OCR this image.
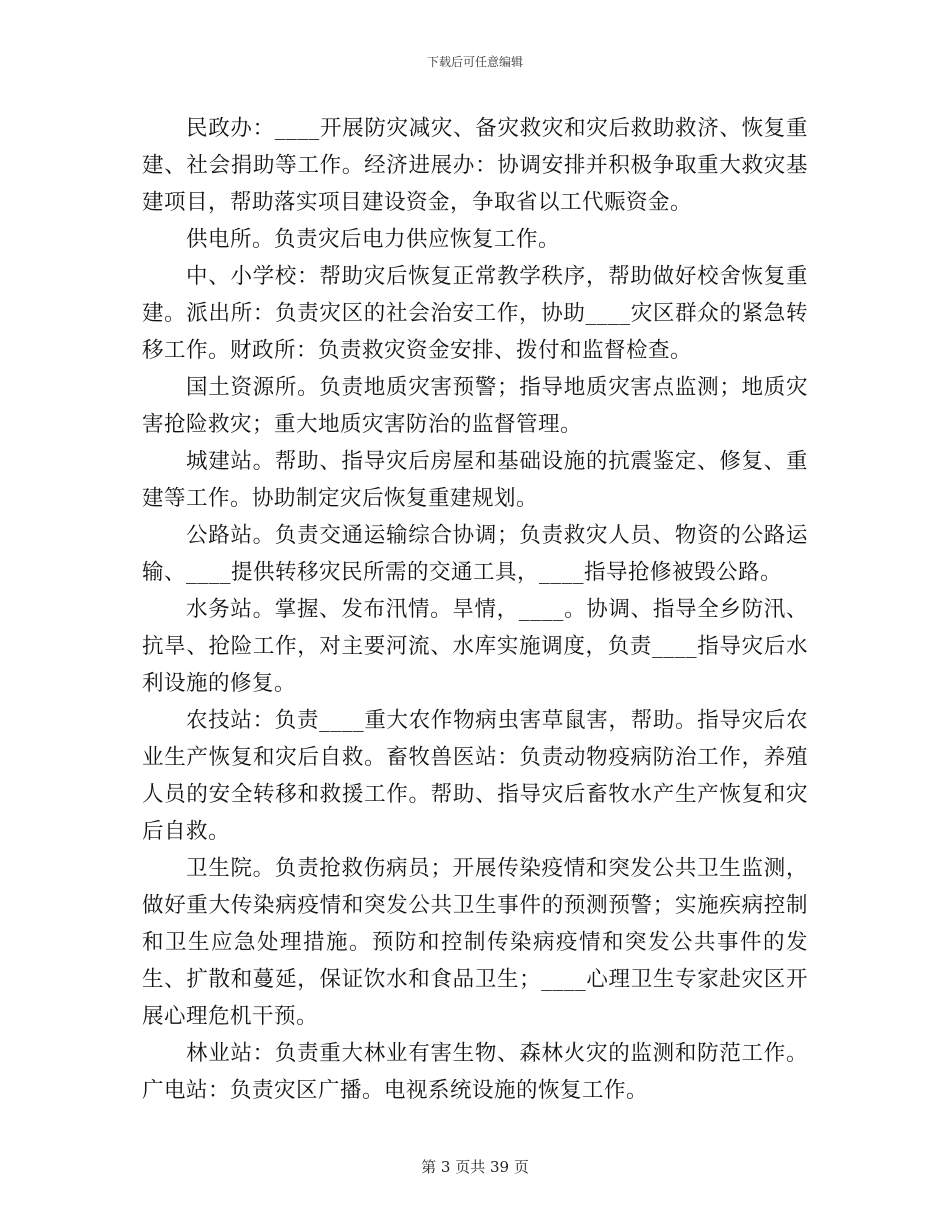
下载后可任意编辑

民政办：____开展防灾减灾、备灾救灾和灾后救助救济、恢复重建、社会捐助等工作。经济进展办：协调安排并积极争取重大救灾基建项目，帮助落实项目建设资金，争取省以工代赈资金。

供电所。负责灾后电力供应恢复工作。

中、小学校：帮助灾后恢复正常教学秩序，帮助做好校舍恢复重建。派出所：负责灾区的社会治安工作，协助____灾区群众的紧急转移工作。财政所：负责救灾资金安排、拨付和监督检查。

国土资源所。负责地质灾害预警；指导地质灾害点监测；地质灾害抢险救灾；重大地质灾害防治的监督管理。

城建站。帮助、指导灾后房屋和基础设施的抗震鉴定、修复、重建等工作。协助制定灾后恢复重建规划。

公路站。负责交通运输综合协调；负责救灾人员、物资的公路运输、____提供转移灾民所需的交通工具，____指导抢修被毁公路。

水务站。掌握、发布汛情。旱情，____。协调、指导全乡防汛、抗旱、抢险工作，对主要河流、水库实施调度，负责____指导灾后水利设施的修复。

农技站：负责____重大农作物病虫害草鼠害，帮助。指导灾后农业生产恢复和灾后自救。畜牧兽医站：负责动物疫病防治工作，养殖人员的安全转移和救援工作。帮助、指导灾后畜牧水产生产恢复和灾后自救。

卫生院。负责抢救伤病员；开展传染疫情和突发公共卫生监测，做好重大传染病疫情和突发公共卫生事件的预测预警；实施疾病控制和卫生应急处理措施。预防和控制传染病疫情和突发公共事件的发生、扩散和蔓延，保证饮水和食品卫生；____心理卫生专家赴灾区开展心理危机干预。

林业站：负责重大林业有害生物、森林火灾的监测和防范工作。广电站：负责灾区广播。电视系统设施的恢复工作。

第 3 页共 39 页
